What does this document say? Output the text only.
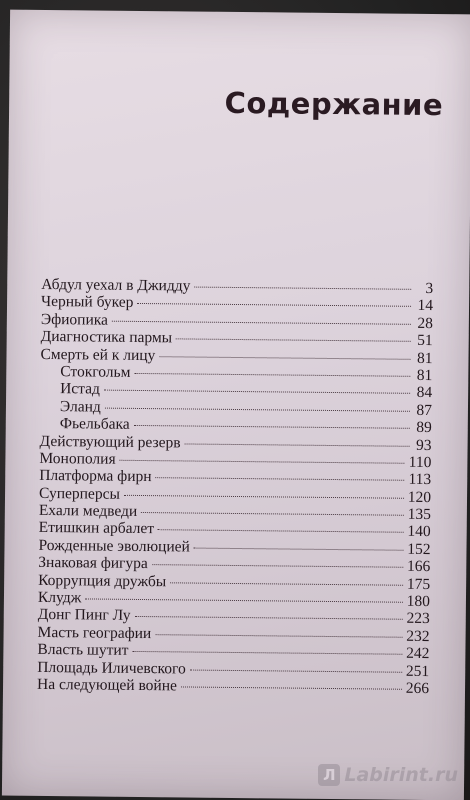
Содержание
Абдул уехал в Джидду	3
Черный букер	14
Эфиопика	28
Диагностика пармы	51
Смерть ей к лицу	81
Стокгольм	81
Истад	84
Эланд	87
Фьельбака	89
Действующий резерв	93
Монополия	110
Платформа фирн	113
Суперперсы	120
Ехали медведи	135
Етишкин арбалет	140
Рожденные эволюцией	152
Знаковая фигура	166
Коррупция дружбы	175
Клудж	180
Донг Пинг Лу	223
Масть географии	232
Власть шутит	242
Площадь Иличевского	251
На следующей войне	266
Л Labirint.ru
